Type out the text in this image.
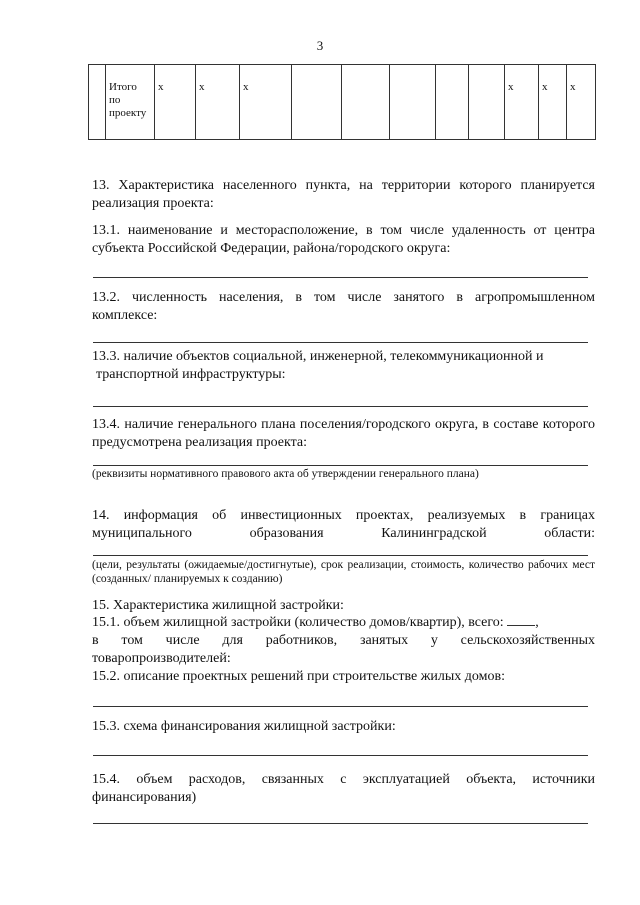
3
	Итого по проекту	х	х	х						х	х	х
13. Характеристика населенного пункта, на территории которого планируется реализация проекта:
13.1. наименование и месторасположение, в том числе удаленность от центра субъекта Российской Федерации, района/городского округа:
13.2. численность населения, в том числе занятого в агропромышленном комплексе:
13.3. наличие объектов социальной, инженерной, телекоммуникационной и
транспортной инфраструктуры:
13.4. наличие генерального плана поселения/городского округа, в составе которого предусмотрена реализация проекта:
(реквизиты нормативного правового акта об утверждении генерального плана)
14. информация об инвестиционных проектах, реализуемых в границах муниципального образования Калининградской области:
(цели, результаты (ожидаемые/достигнутые), срок реализации, стоимость, количество рабочих мест (созданных/ планируемых к созданию)
15. Характеристика жилищной застройки:
15.1. объем жилищной застройки (количество домов/квартир), всего: ,
в том числе для работников, занятых у сельскохозяйственных товаропроизводителей:
15.2. описание проектных решений при строительстве жилых домов:
15.3. схема финансирования жилищной застройки:
15.4. объем расходов, связанных с эксплуатацией объекта, источники финансирования)
